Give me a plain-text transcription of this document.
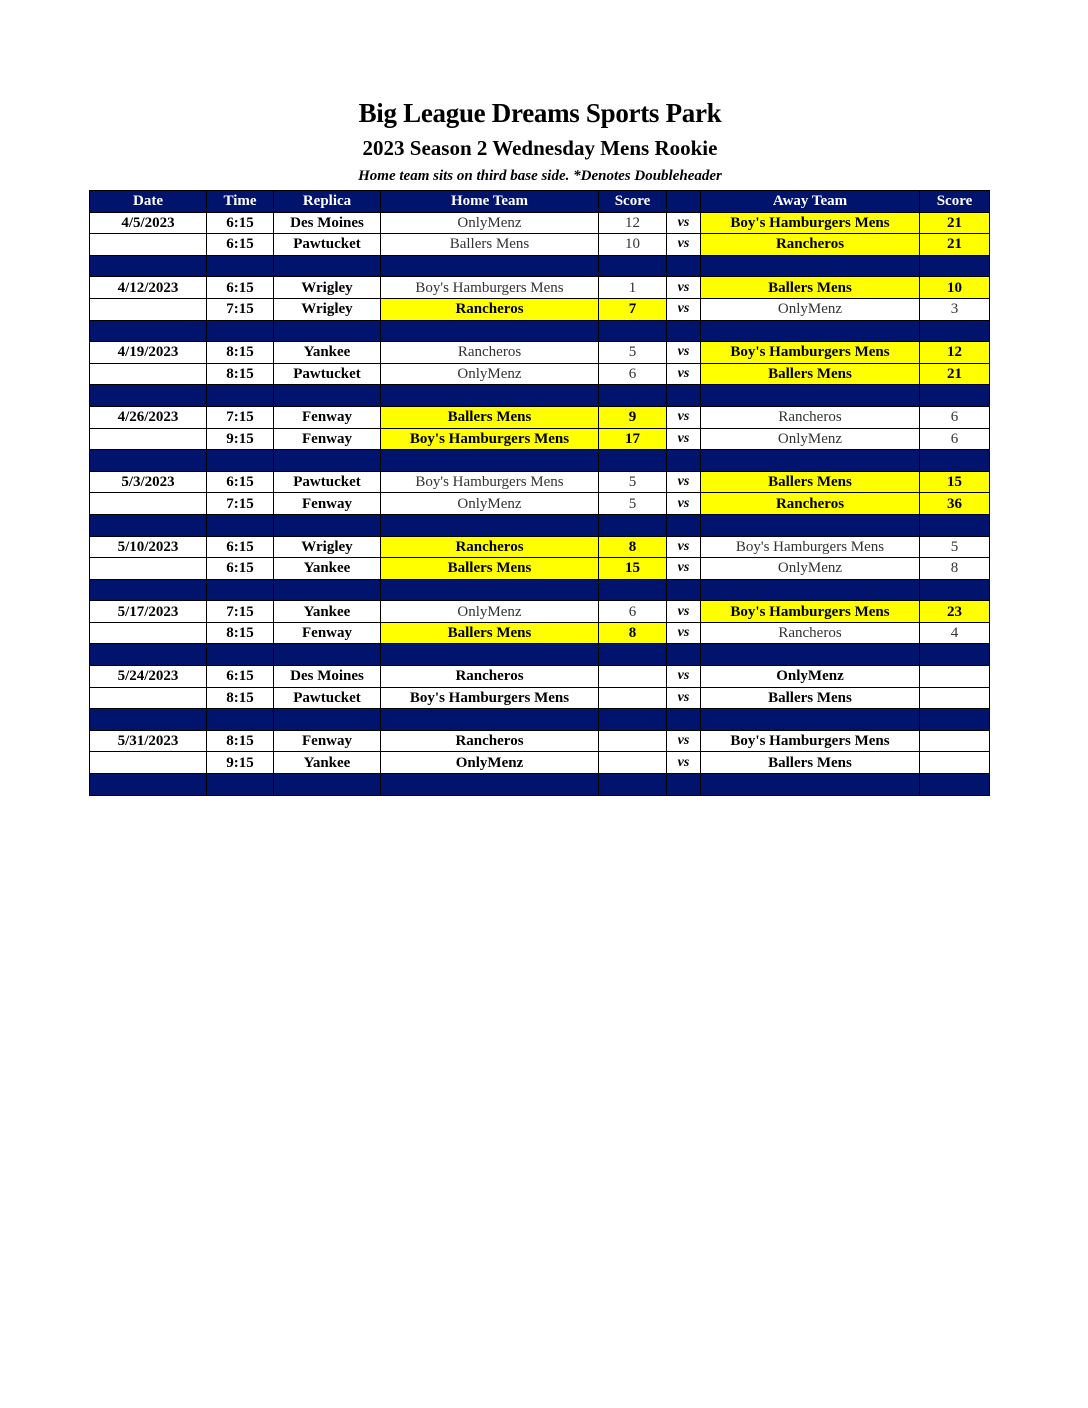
Big League Dreams Sports Park
2023 Season 2 Wednesday Mens Rookie
Home team sits on third base side. *Denotes Doubleheader
Date	Time	Replica	Home Team	Score		Away Team	Score
4/5/2023	6:15	Des Moines	OnlyMenz	12	vs	Boy's Hamburgers Mens	21
	6:15	Pawtucket	Ballers Mens	10	vs	Rancheros	21

4/12/2023	6:15	Wrigley	Boy's Hamburgers Mens	1	vs	Ballers Mens	10
	7:15	Wrigley	Rancheros	7	vs	OnlyMenz	3

4/19/2023	8:15	Yankee	Rancheros	5	vs	Boy's Hamburgers Mens	12
	8:15	Pawtucket	OnlyMenz	6	vs	Ballers Mens	21

4/26/2023	7:15	Fenway	Ballers Mens	9	vs	Rancheros	6
	9:15	Fenway	Boy's Hamburgers Mens	17	vs	OnlyMenz	6

5/3/2023	6:15	Pawtucket	Boy's Hamburgers Mens	5	vs	Ballers Mens	15
	7:15	Fenway	OnlyMenz	5	vs	Rancheros	36

5/10/2023	6:15	Wrigley	Rancheros	8	vs	Boy's Hamburgers Mens	5
	6:15	Yankee	Ballers Mens	15	vs	OnlyMenz	8

5/17/2023	7:15	Yankee	OnlyMenz	6	vs	Boy's Hamburgers Mens	23
	8:15	Fenway	Ballers Mens	8	vs	Rancheros	4

5/24/2023	6:15	Des Moines	Rancheros		vs	OnlyMenz	
	8:15	Pawtucket	Boy's Hamburgers Mens		vs	Ballers Mens	

5/31/2023	8:15	Fenway	Rancheros		vs	Boy's Hamburgers Mens	
	9:15	Yankee	OnlyMenz		vs	Ballers Mens	
